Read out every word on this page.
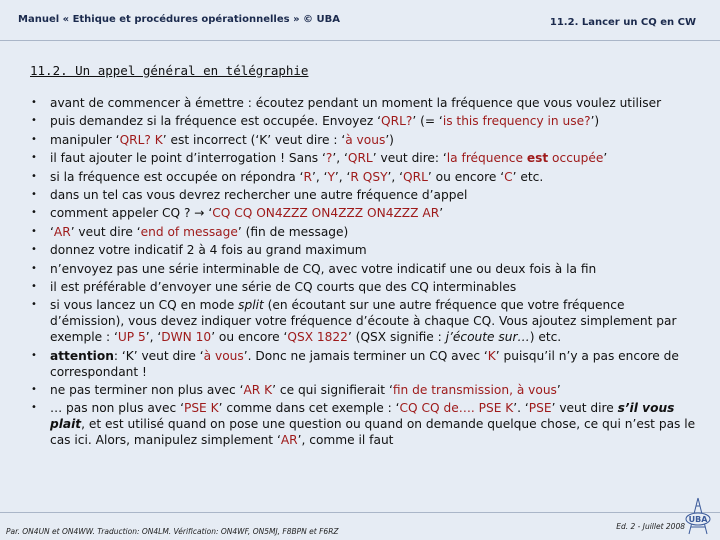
Manuel « Ethique et procédures opérationnelles » © UBA	11.2. Lancer un CQ en CW
11.2. Un appel général en télégraphie
• avant de commencer à émettre : écoutez pendant un moment la fréquence que vous voulez utiliser
• puis demandez si la fréquence est occupée. Envoyez ‘QRL?’ (= ‘is this frequency in use?’)
• manipuler ‘QRL? K’ est incorrect (‘K’ veut dire : ‘à vous’)
• il faut ajouter le point d’interrogation ! Sans ‘?’, ‘QRL’ veut dire: ‘la fréquence est occupée’
• si la fréquence est occupée on répondra ‘R’, ‘Y’, ‘R QSY’, ‘QRL’ ou encore ‘C’ etc.
• dans un tel cas vous devrez rechercher une autre fréquence d’appel
• comment appeler CQ ? → ‘CQ CQ ON4ZZZ ON4ZZZ ON4ZZZ AR’
• ‘AR’ veut dire ‘end of message’ (fin de message)
• donnez votre indicatif 2 à 4 fois au grand maximum
• n’envoyez pas une série interminable de CQ, avec votre indicatif une ou deux fois à la fin
• il est préférable d’envoyer une série de CQ courts que des CQ interminables
• si vous lancez un CQ en mode split (en écoutant sur une autre fréquence que votre fréquence d’émission), vous devez indiquer votre fréquence d’écoute à chaque CQ. Vous ajoutez simplement par exemple : ‘UP 5’, ‘DWN 10’ ou encore ‘QSX 1822’ (QSX signifie : j’écoute sur…) etc.
• attention: ‘K’ veut dire ‘à vous’. Donc ne jamais terminer un CQ avec ‘K’ puisqu’il n’y a pas encore de correspondant !
• ne pas terminer non plus avec ‘AR K’ ce qui signifierait ‘fin de transmission, à vous’
• … pas non plus avec ‘PSE K’ comme dans cet exemple : ‘CQ CQ de…. PSE K’. ‘PSE’ veut dire s’il vous plait, et est utilisé quand on pose une question ou quand on demande quelque chose, ce qui n’est pas le cas ici. Alors, manipulez simplement ‘AR’, comme il faut
Par. ON4UN et ON4WW. Traduction: ON4LM. Vérification: ON4WF, ON5MJ, F8BPN et F6RZ
Ed. 2 - Juillet 2008
UBA
